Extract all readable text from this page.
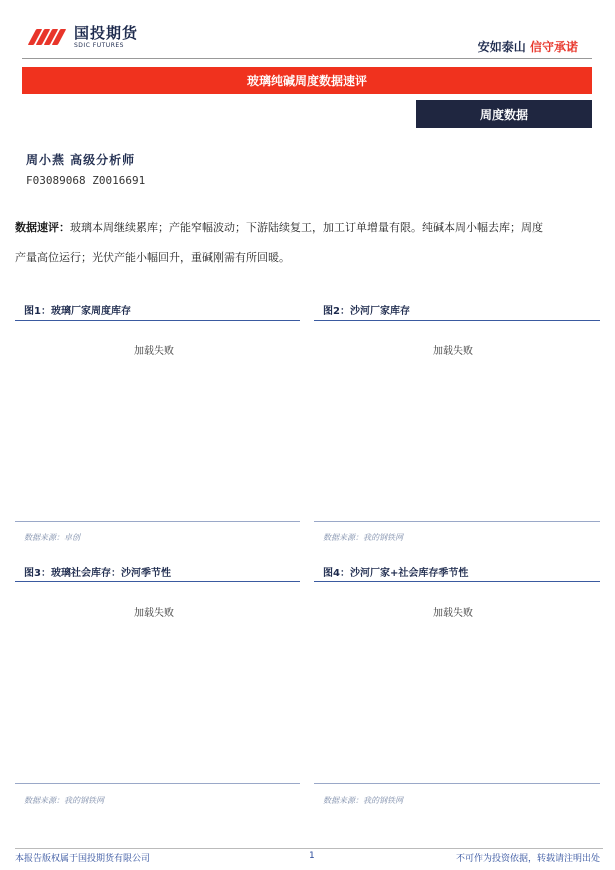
国投期货
SDIC FUTURES	安如泰山 信守承诺
玻璃纯碱周度数据速评
周度数据
周小燕 高级分析师
F03089068 Z0016691
数据速评：玻璃本周继续累库；产能窄幅波动；下游陆续复工，加工订单增量有限。纯碱本周小幅去库；周度
产量高位运行；光伏产能小幅回升，重碱刚需有所回暖。
图1：玻璃厂家周度库存
加载失败
数据来源：卓创
图2：沙河厂家库存
加载失败
数据来源：我的钢铁网
图3：玻璃社会库存：沙河季节性
加载失败
数据来源：我的钢铁网
图4：沙河厂家+社会库存季节性
加载失败
数据来源：我的钢铁网
本报告版权属于国投期货有限公司	1	不可作为投资依据，转载请注明出处
